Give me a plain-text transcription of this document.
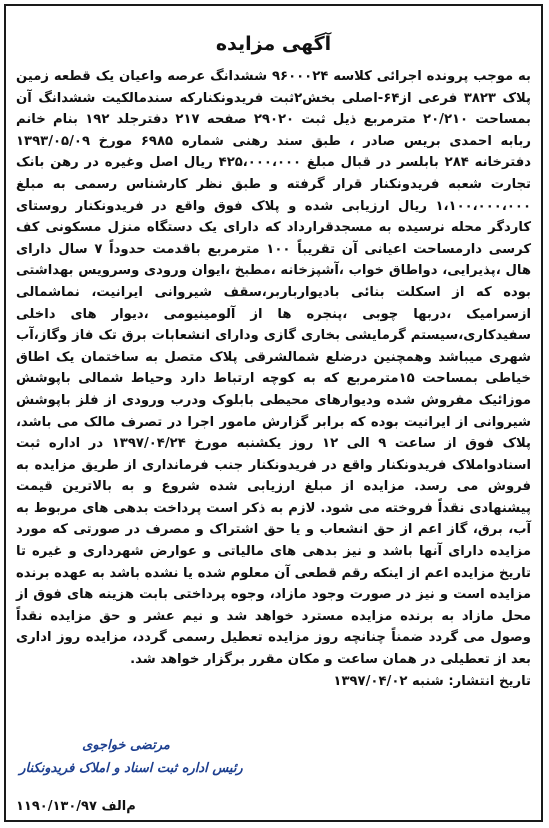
آگهی مزایده
به موجب پرونده اجرائی کلاسه ۹۶۰۰۰۲۴ ششدانگ عرصه واعیان یک قطعه زمین پلاک ۳۸۲۳ فرعی از۶۴-اصلی بخش۲ثبت فریدونکنارکه سندمالکیت ششدانگ آن بمساحت ۲۰/۲۱۰ مترمربع ذیل ثبت ۲۹۰۲۰ صفحه ۲۱۷ دفترجلد ۱۹۲ بنام خانم ربابه احمدی بریس صادر ، طبق سند رهنی شماره ۶۹۸۵ مورخ ۱۳۹۳/۰۵/۰۹ دفترخانه ۲۸۴ بابلسر در قبال مبلغ ۴۲۵،۰۰۰،۰۰۰ ریال اصل وغیره در رهن بانک تجارت شعبه فریدونکنار قرار گرفته و طبق نظر کارشناس رسمی به مبلغ ۱،۱۰۰،۰۰۰،۰۰۰ ریال ارزیابی شده و پلاک فوق واقع در فریدونکنار روستای کاردگر محله نرسیده به مسجدقرارداد که دارای یک دستگاه منزل مسکونی کف کرسی دارمساحت اعیانی آن تقریباً ۱۰۰ مترمربع باقدمت حدوداً ۷ سال دارای هال ،پذیرایی، دواطاق خواب ،آشپزخانه ،مطبخ ،ایوان ورودی وسرویس بهداشتی بوده که از اسکلت بنائی بادیوارباربر،سقف شیروانی ایرانیت، نماشمالی ازسرامیک ،دربها چوبی ،پنجره ها از آلومینیومی ،دیوار های داخلی سفیدکاری،سیستم گرمایشی بخاری گازی ودارای انشعابات برق تک فاز وگاز،آب شهری میباشد وهمچنین درضلع شمالشرقی پلاک متصل به ساختمان یک اطاق خیاطی بمساحت ۱۵مترمربع که به کوچه ارتباط دارد وحیاط شمالی باپوشش موزائیک مفروش شده ودیوارهای محیطی بابلوک ودرب ورودی از فلز باپوشش شیروانی از ایرانیت بوده که برابر گزارش مامور اجرا در تصرف مالک می باشد، پلاک فوق از ساعت ۹ الی ۱۲ روز یکشنبه مورخ ۱۳۹۷/۰۴/۲۴ در اداره ثبت اسنادواملاک فریدونکنار واقع در فریدونکنار جنب فرمانداری از طریق مزایده به فروش می رسد. مزایده از مبلغ ارزیابی شده شروع و به بالاترین قیمت پیشنهادی نقداً فروخته می شود. لازم به ذکر است پرداخت بدهی های مربوط به آب، برق، گاز اعم از حق انشعاب و یا حق اشتراک و مصرف در صورتی که مورد مزایده دارای آنها باشد و نیز بدهی های مالیاتی و عوارض شهرداری و غیره تا تاریخ مزایده اعم از اینکه رقم قطعی آن معلوم شده یا نشده باشد به عهده برنده مزایده است و نیز در صورت وجود مازاد، وجوه پرداختی بابت هزینه های فوق از محل مازاد به برنده مزایده مسترد خواهد شد و نیم عشر و حق مزایده نقداً وصول می گردد ضمناً چنانچه روز مزایده تعطیل رسمی گردد، مزایده روز اداری بعد از تعطیلی در همان ساعت و مکان مقرر برگزار خواهد شد.
تاریخ انتشار: شنبه ۱۳۹۷/۰۴/۰۲
مرتضی خواجوی
رئیس اداره ثبت اسناد و املاک فریدونکنار
م‌الف ۱۱۹۰/۱۳۰/۹۷
